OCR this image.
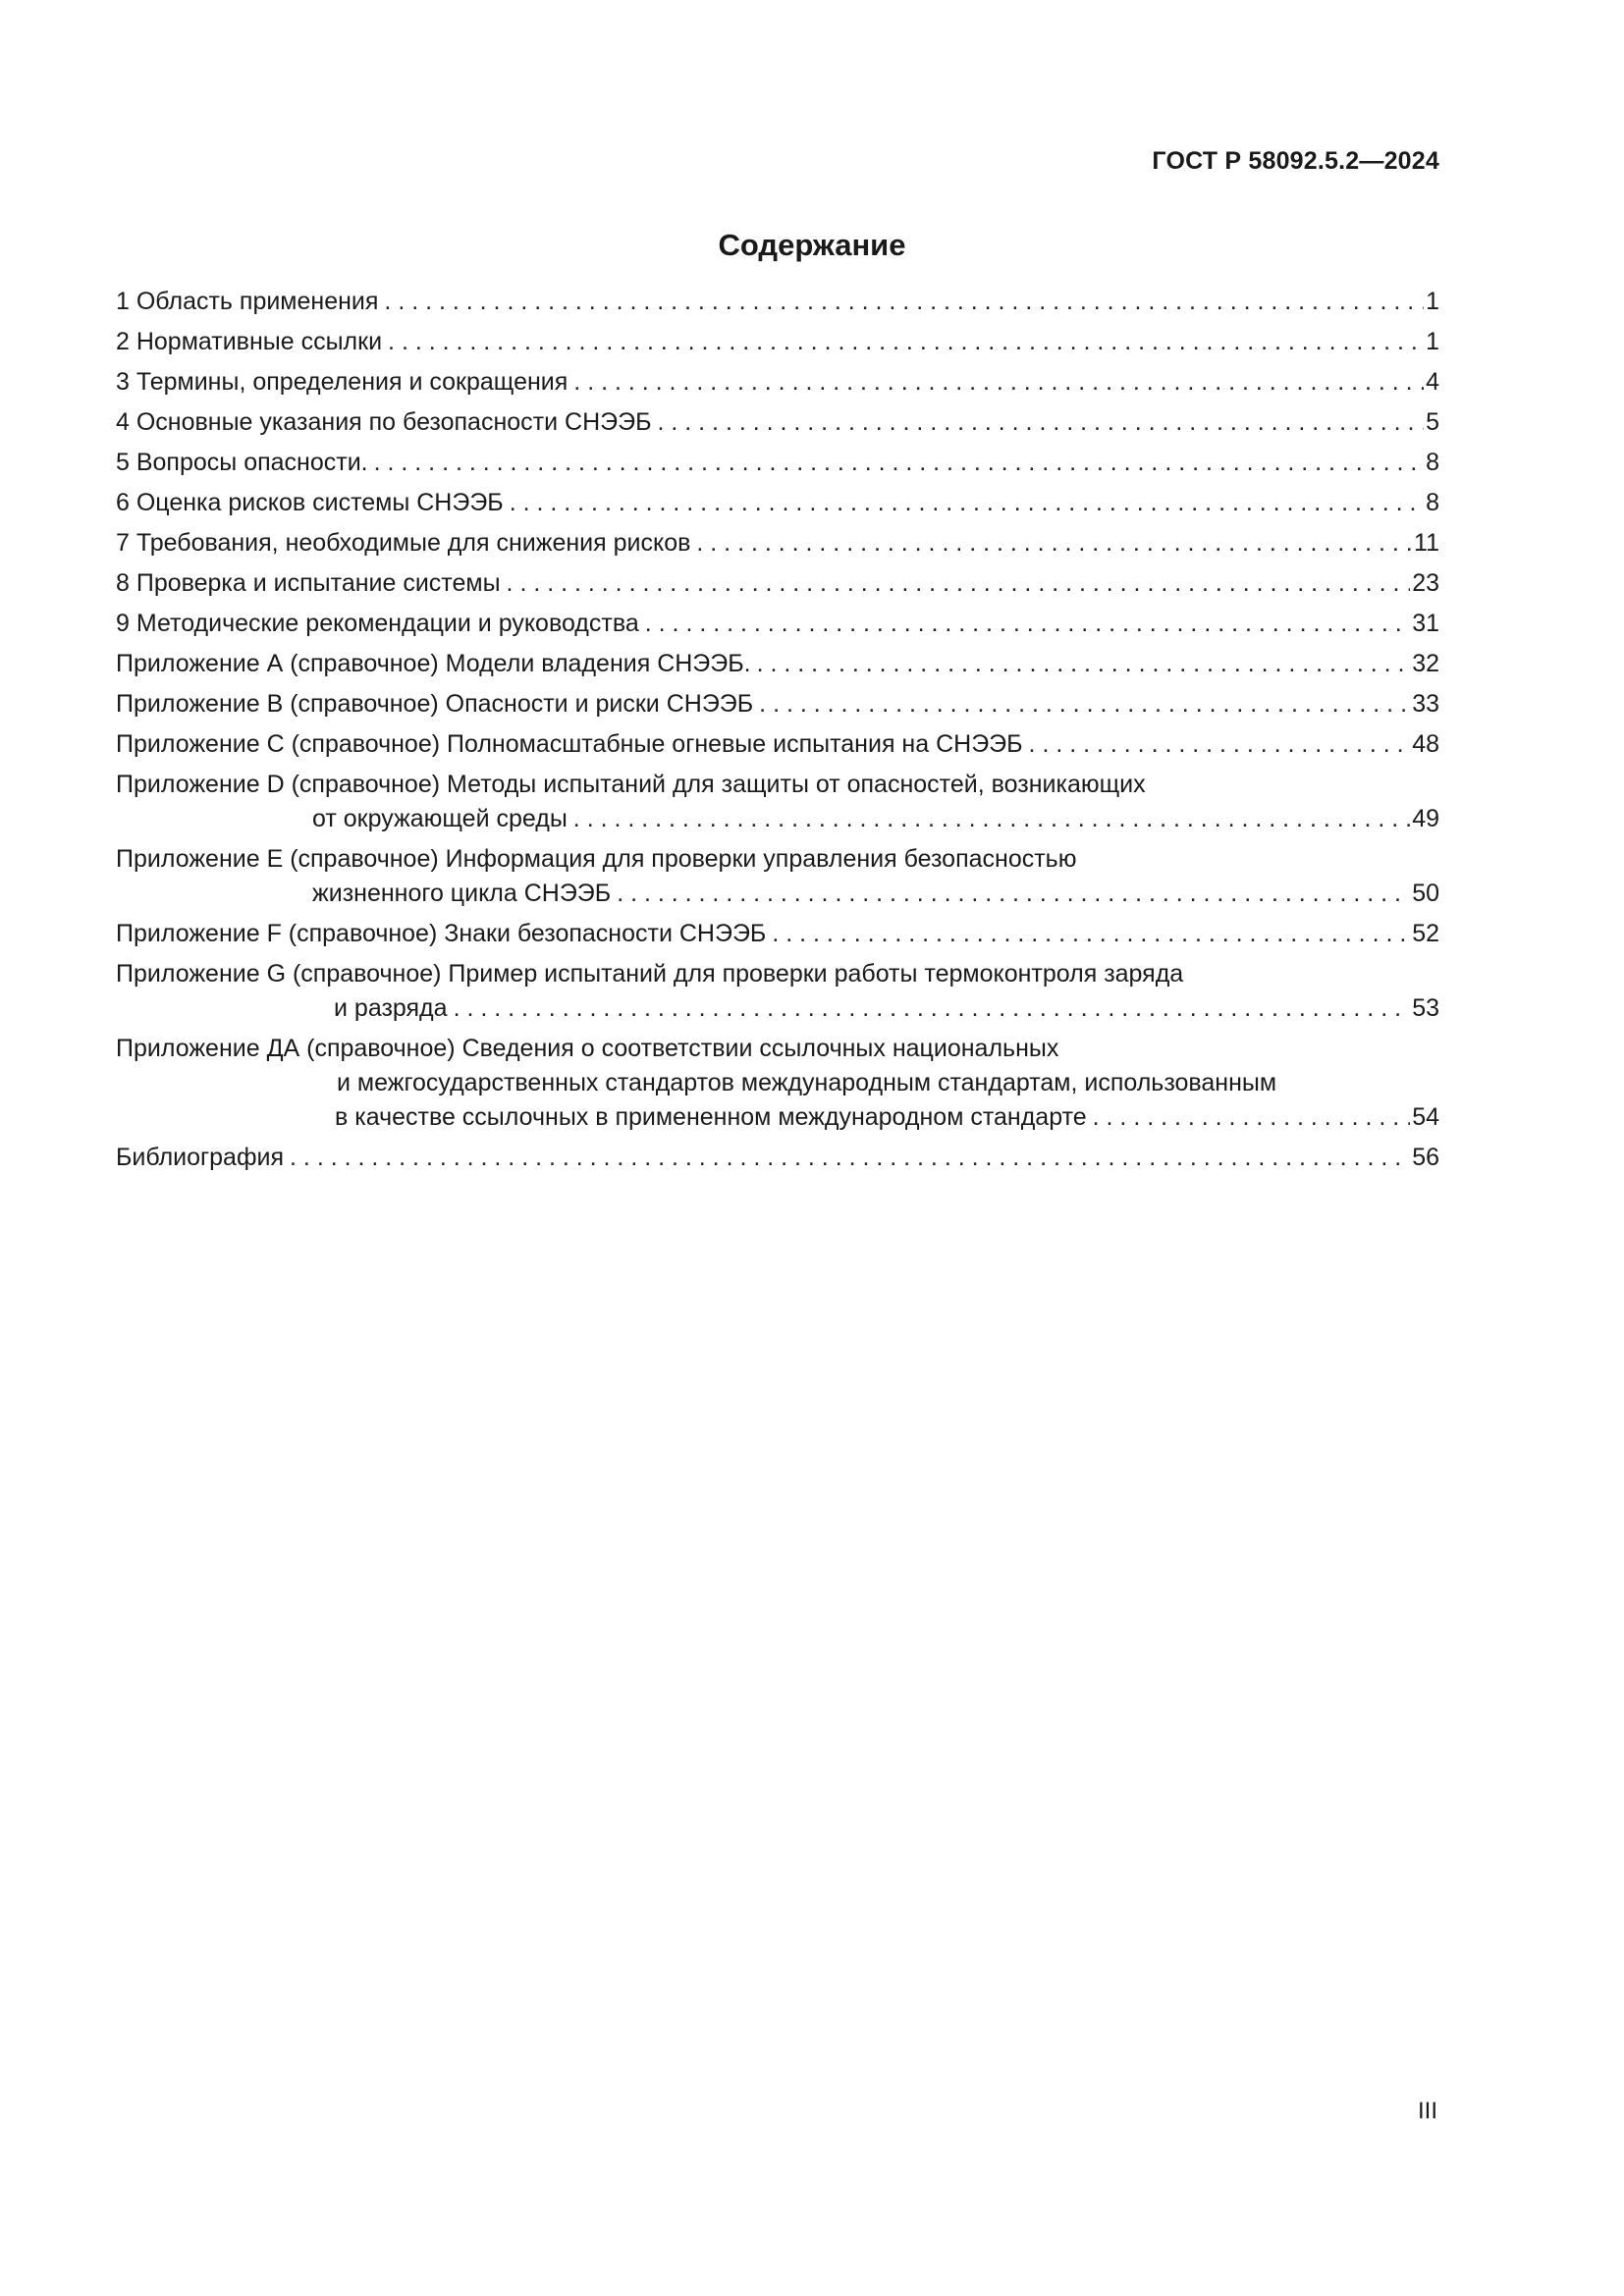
ГОСТ Р 58092.5.2—2024
Содержание
1 Область применения . . .	1
2 Нормативные ссылки . . .	1
3 Термины, определения и сокращения . . .	4
4 Основные указания по безопасности СНЭЭБ . . .	5
5 Вопросы опасности. . . .	8
6 Оценка рисков системы СНЭЭБ . . .	8
7 Требования, необходимые для снижения рисков . . .	11
8 Проверка и испытание системы . . .	23
9 Методические рекомендации и руководства . . .	31
Приложение А (справочное) Модели владения СНЭЭБ. . . .	32
Приложение В (справочное) Опасности и риски СНЭЭБ . . .	33
Приложение С (справочное) Полномасштабные огневые испытания на СНЭЭБ . . .	48
Приложение D (справочное) Методы испытаний для защиты от опасностей, возникающих
от окружающей среды . . .	49
Приложение Е (справочное) Информация для проверки управления безопасностью
жизненного цикла СНЭЭБ . . .	50
Приложение F (справочное) Знаки безопасности СНЭЭБ . . .	52
Приложение G (справочное) Пример испытаний для проверки работы термоконтроля заряда
и разряда . . .	53
Приложение ДА (справочное) Сведения о соответствии ссылочных национальных
и межгосударственных стандартов международным стандартам, использованным
в качестве ссылочных в примененном международном стандарте . . .	54
Библиография . . .	56
III
